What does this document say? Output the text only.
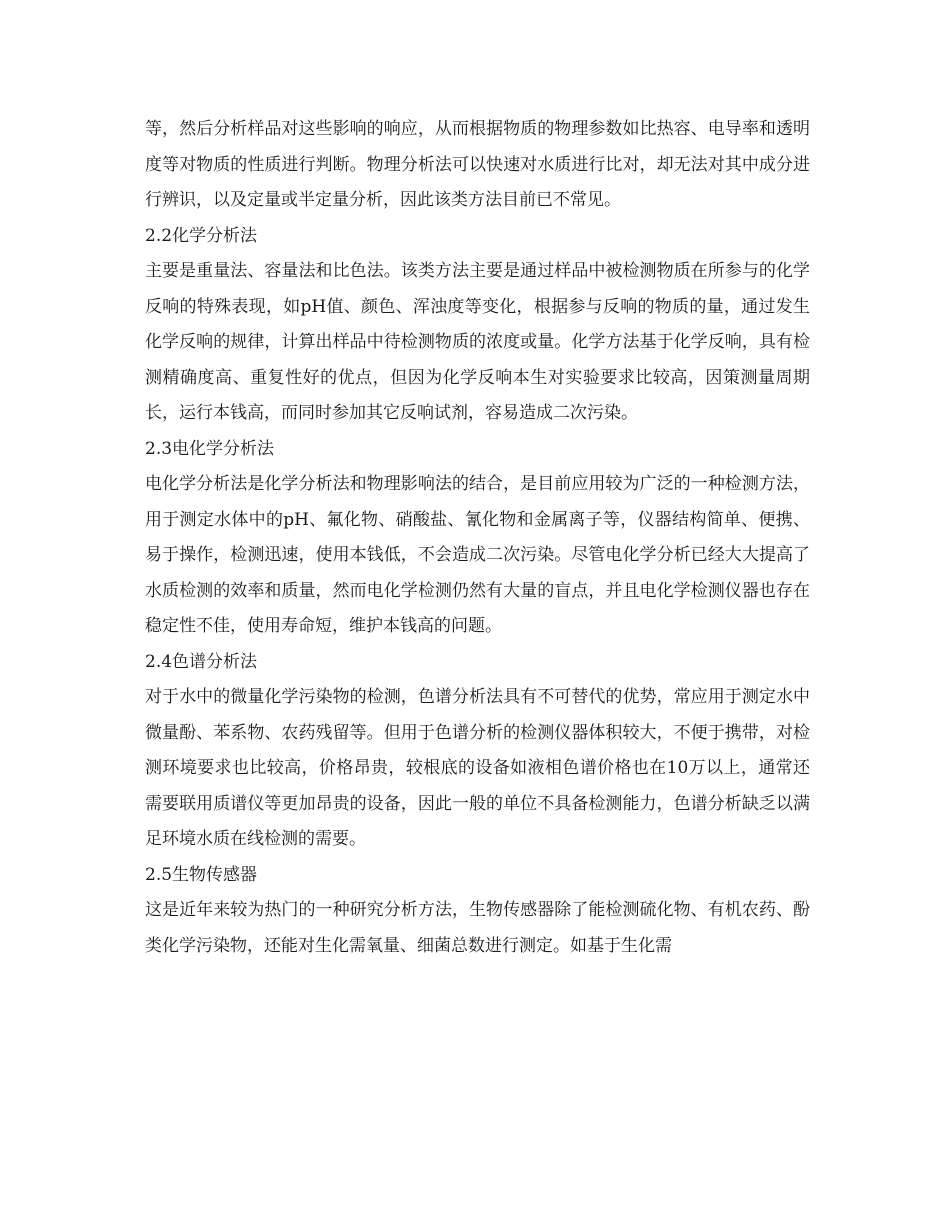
等，然后分析样品对这些影响的响应，从而根据物质的物理参数如比热容、电导率和透明度等对物质的性质进行判断。物理分析法可以快速对水质进行比对，却无法对其中成分进行辨识，以及定量或半定量分析，因此该类方法目前已不常见。

2.2化学分析法

主要是重量法、容量法和比色法。该类方法主要是通过样品中被检测物质在所参与的化学反响的特殊表现，如pH值、颜色、浑浊度等变化，根据参与反响的物质的量，通过发生化学反响的规律，计算出样品中待检测物质的浓度或量。化学方法基于化学反响，具有检测精确度高、重复性好的优点，但因为化学反响本生对实验要求比较高，因策测量周期长，运行本钱高，而同时参加其它反响试剂，容易造成二次污染。

2.3电化学分析法

电化学分析法是化学分析法和物理影响法的结合，是目前应用较为广泛的一种检测方法，用于测定水体中的pH、氟化物、硝酸盐、氰化物和金属离子等，仪器结构简单、便携、易于操作，检测迅速，使用本钱低，不会造成二次污染。尽管电化学分析已经大大提高了水质检测的效率和质量，然而电化学检测仍然有大量的盲点，并且电化学检测仪器也存在稳定性不佳，使用寿命短，维护本钱高的问题。

2.4色谱分析法

对于水中的微量化学污染物的检测，色谱分析法具有不可替代的优势，常应用于测定水中微量酚、苯系物、农药残留等。但用于色谱分析的检测仪器体积较大，不便于携带，对检测环境要求也比较高，价格昂贵，较根底的设备如液相色谱价格也在10万以上，通常还需要联用质谱仪等更加昂贵的设备，因此一般的单位不具备检测能力，色谱分析缺乏以满足环境水质在线检测的需要。

2.5生物传感器

这是近年来较为热门的一种研究分析方法，生物传感器除了能检测硫化物、有机农药、酚类化学污染物，还能对生化需氧量、细菌总数进行测定。如基于生化需
